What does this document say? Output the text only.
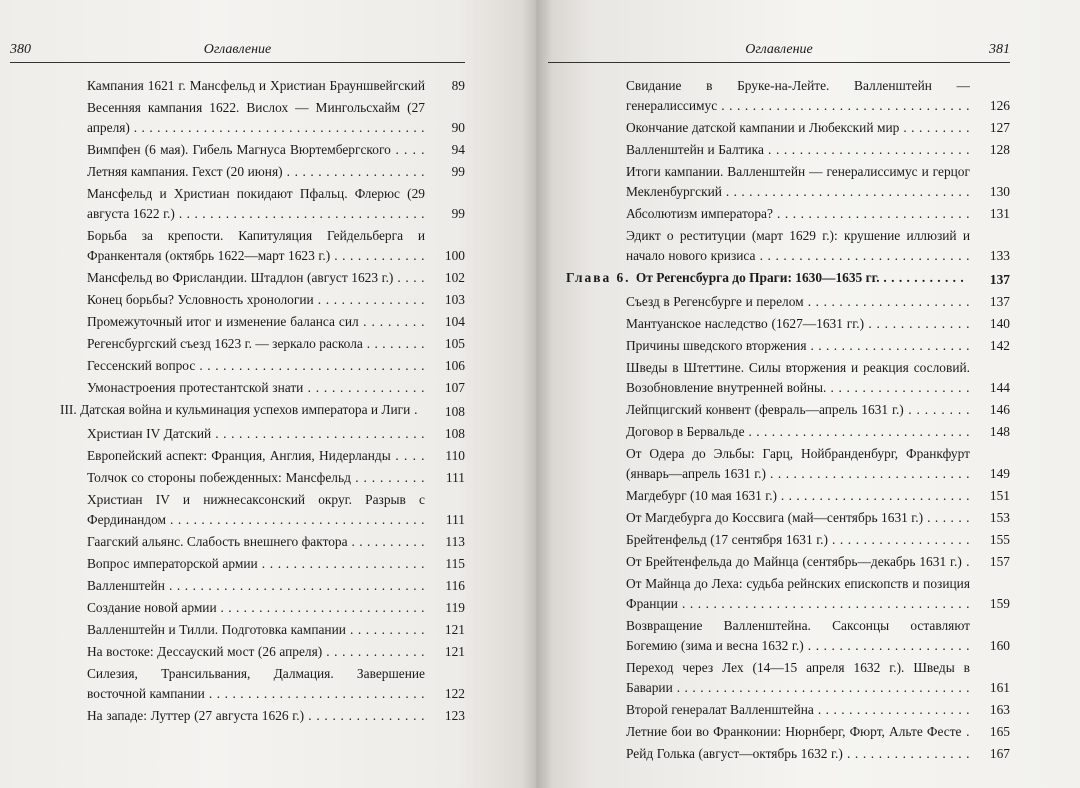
380	Оглавление
Кампания 1621 г. Мансфельд и Христиан Брауншвейгский . . .	89
Весенняя кампания 1622. Вислох — Мингольсхайм (27 апреля) . . .	90
Вимпфен (6 мая). Гибель Магнуса Вюртембергского . . .	94
Летняя кампания. Гехст (20 июня) . . .	99
Мансфельд и Христиан покидают Пфальц. Флерюс (29 августа 1622 г.) . . .	99
Борьба за крепости. Капитуляция Гейдельберга и Франкенталя (октябрь 1622—март 1623 г.) . . .	100
Мансфельд во Фрисландии. Штадлон (август 1623 г.) . . .	102
Конец борьбы? Условность хронологии . . .	103
Промежуточный итог и изменение баланса сил . . .	104
Регенсбургский съезд 1623 г. — зеркало раскола . . .	105
Гессенский вопрос . . .	106
Умонастроения протестантской знати . . .	107
III. Датская война и кульминация успехов императора и Лиги . . .	108
Христиан IV Датский . . .	108
Европейский аспект: Франция, Англия, Нидерланды . . .	110
Толчок со стороны побежденных: Мансфельд . . .	111
Христиан IV и нижнесаксонский округ. Разрыв с Фердинандом . . .	111
Гаагский альянс. Слабость внешнего фактора . . .	113
Вопрос императорской армии . . .	115
Валленштейн . . .	116
Создание новой армии . . .	119
Валленштейн и Тилли. Подготовка кампании . . .	121
На востоке: Дессауский мост (26 апреля) . . .	121
Силезия, Трансильвания, Далмация. Завершение восточной кампании . . .	122
На западе: Луттер (27 августа 1626 г.) . . .	123
Оглавление	381
Свидание в Бруке-на-Лейте. Валленштейн — генералиссимус . . .	126
Окончание датской кампании и Любекский мир . . .	127
Валленштейн и Балтика . . .	128
Итоги кампании. Валленштейн — генералиссимус и герцог Мекленбургский . . .	130
Абсолютизм императора? . . .	131
Эдикт о реституции (март 1629 г.): крушение иллюзий и начало нового кризиса . . .	133
Глава 6. От Регенсбурга до Праги: 1630—1635 гг. . . .	137
Съезд в Регенсбурге и перелом . . .	137
Мантуанское наследство (1627—1631 гг.) . . .	140
Причины шведского вторжения . . .	142
Шведы в Штеттине. Силы вторжения и реакция сословий. Возобновление внутренней войны. . . .	144
Лейпцигский конвент (февраль—апрель 1631 г.) . . .	146
Договор в Бервальде . . .	148
От Одера до Эльбы: Гарц, Нойбранденбург, Франкфурт (январь—апрель 1631 г.) . . .	149
Магдебург (10 мая 1631 г.) . . .	151
От Магдебурга до Коссвига (май—сентябрь 1631 г.) . . .	153
Брейтенфельд (17 сентября 1631 г.) . . .	155
От Брейтенфельда до Майнца (сентябрь—декабрь 1631 г.) . . .	157
От Майнца до Леха: судьба рейнских епископств и позиция Франции . . .	159
Возвращение Валленштейна. Саксонцы оставляют Богемию (зима и весна 1632 г.) . . .	160
Переход через Лех (14—15 апреля 1632 г.). Шведы в Баварии . . .	161
Второй генералат Валленштейна . . .	163
Летние бои во Франконии: Нюрнберг, Фюрт, Альте Фесте . . .	165
Рейд Голька (август—октябрь 1632 г.) . . .	167
